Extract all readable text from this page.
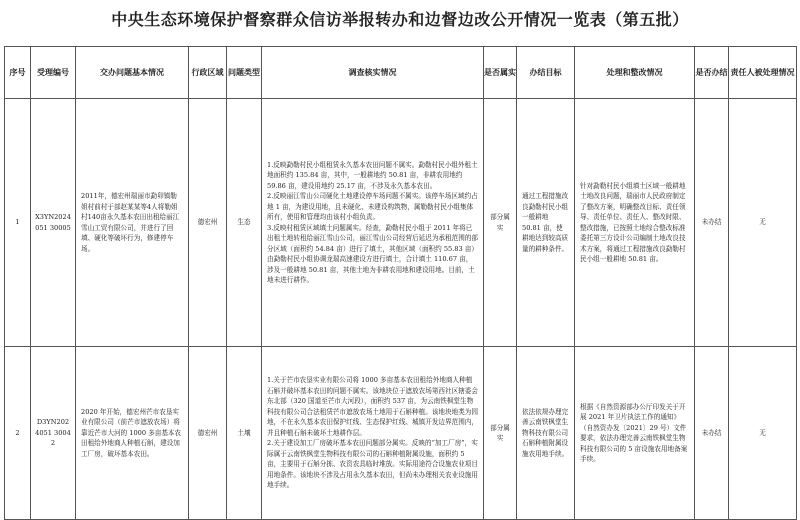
中央生态环境保护督察群众信访举报转办和边督边改公开情况一览表（第五批）
序号	受理编号	交办问题基本情况	行政区域	问题类型	调查核实情况	是否属实	办结目标	处理和整改情况	是否办结	责任人被处理情况
1	X3YN2024051 30005	2011年，德宏州瑞丽市勐卯镇勒姐村前村于部赵某某等4人将勒姐村140亩永久基本农田出租给丽江雪山工贸有限公司，并进行了回填、硬化等破坏行为，修建停车场。	德宏州	生态	1.反映勐勒村民小组租赁永久基本农田问题不属实。勐勒村民小组外租土地面积约 135.84 亩，其中，一般耕地约 50.81 亩，非耕农用地约 59.86 亩，建设用地约 25.17 亩，不涉及永久基本农田。

2.反映丽江雪山公司硬化土地建设停车场问题不属实。该停车场区域约占地 1 亩，为建设用地，且未硬化、未建设构筑物，属勒勒村民小组集体所有，使用和管理均由该村小组负责。

3.反映村租赁区域填土问题属实。经查，勐勒村民小组于 2011 年将已出租土地转租给丽江雪山公司，丽江雪山公司经营后延迟为承租范围的部分区域（面积约 54.84 亩）进行了填土，其他区域（面积约 55.83 亩）由勐勒村民小组协调龙瑞高速建设方进行填土，合计填土 110.67 亩，涉及一般耕地 50.81 亩，其他土地为非耕农用地和建设用地。目前，土地未进行耕作。	部分属实	通过工程措施改良勐勒村民小组一般耕地 50.81 亩，使耕地达到较高质量的耕种条件。	针对勐勒村民小组填土区域一般耕地土地改良问题，瑞丽市人民政府制定了整改方案，明确整改目标、责任领导、责任单位、责任人、整改时限、整改措施，已按照土地综合整改标准委托第三方设计公司编制土地改良技术方案，将通过工程措施改良勐勒村民小组一般耕地 50.81 亩。	未办结	无
2	D3YN2024051 30042	2020 年开始，德宏州芒市农垦实业有限公司（前芒市遮放农场）将靠近芒市大河的 1000 多亩基本农田租给外地商人种植石斛，建设加工厂房，破坏基本农田。	德宏州	土壤	1.关于芒市农垦实业有限公司将 1000 多亩基本农田租给外地商人种植石斛并破坏基本农田的问题不属实。该地块位于遮放农场第西社区辖委会东北部（320 国道至芒市大河段），面积约 537 亩，为云南铁枫堂生物科技有限公司合法租赁芒市遮放农场土地用于石斛种植。该地块地类为园地，不在永久基本农田保护红线、生态保护红线、城镇开发边界范围内，并且种植石斛未破坏土地耕作层。

2.关于建设加工厂房破坏基本农田问题部分属实。反映的“加工厂房”，实际属于云南铁枫堂生物科技有限公司的石斛种植附属设施，面积约 5 亩，主要用于石斛分拣、农资农具临时堆放。实际用途符合设施农业项目用地条件。该地块不涉及占用永久基本农田，但尚未办理相关农业设施用地手续。	部分属实	依法依规办理完善云南铁枫堂生物科技有限公司石斛种植附属设施农用地手续。	根据《自然资源部办公厅印发关于开展 2021 年卫片执法工作的通知》（自然资办发〔2021〕29 号）文件要求，依法办理完善云南铁枫堂生物科技有限公司的 5 亩设施农用地备案手续。	未办结	无
